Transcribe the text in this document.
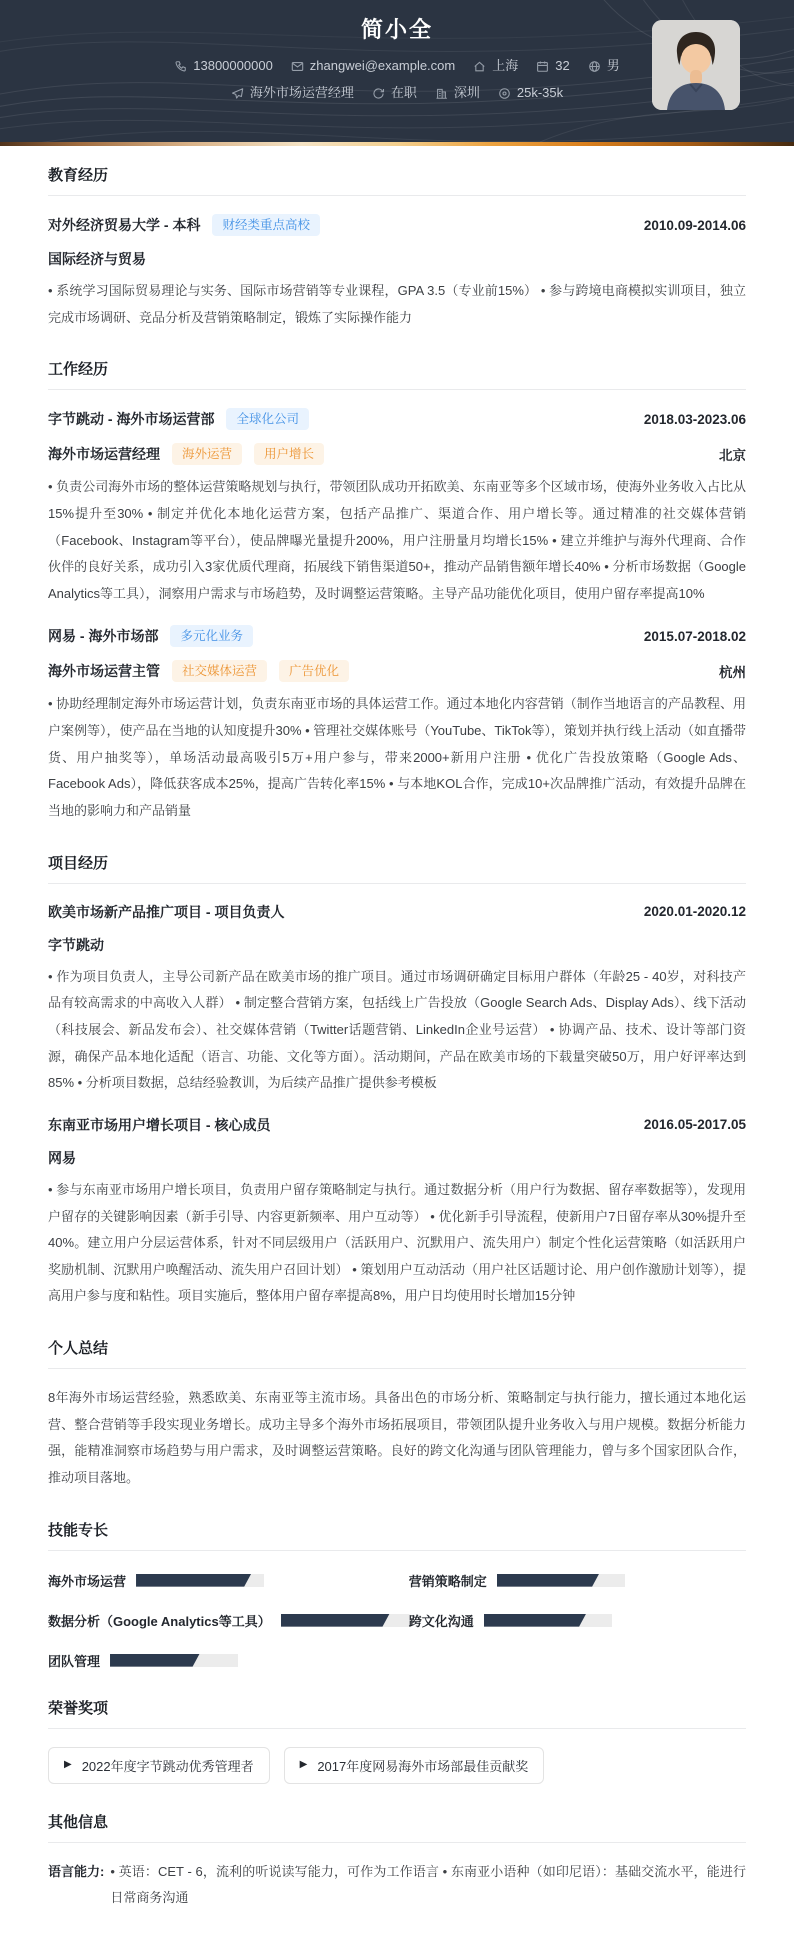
简小全
13800000000	zhangwei@example.com	上海	32	男
海外市场运营经理	在职	深圳	25k-35k
教育经历
对外经济贸易大学 - 本科	财经类重点高校	2010.09-2014.06
国际经济与贸易

• 系统学习国际贸易理论与实务、国际市场营销等专业课程，GPA 3.5（专业前15%） • 参与跨境电商模拟实训项目，独立完成市场调研、竞品分析及营销策略制定，锻炼了实际操作能力

工作经历
字节跳动 - 海外市场运营部	全球化公司	2018.03-2023.06
海外市场运营经理	海外运营	用户增长	北京

• 负责公司海外市场的整体运营策略规划与执行，带领团队成功开拓欧美、东南亚等多个区域市场，使海外业务收入占比从15%提升至30% • 制定并优化本地化运营方案，包括产品推广、渠道合作、用户增长等。通过精准的社交媒体营销（Facebook、Instagram等平台），使品牌曝光量提升200%，用户注册量月均增长15% • 建立并维护与海外代理商、合作伙伴的良好关系，成功引入3家优质代理商，拓展线下销售渠道50+，推动产品销售额年增长40% • 分析市场数据（Google Analytics等工具），洞察用户需求与市场趋势，及时调整运营策略。主导产品功能优化项目，使用户留存率提高10%

网易 - 海外市场部	多元化业务	2015.07-2018.02
海外市场运营主管	社交媒体运营	广告优化	杭州

• 协助经理制定海外市场运营计划，负责东南亚市场的具体运营工作。通过本地化内容营销（制作当地语言的产品教程、用户案例等），使产品在当地的认知度提升30% • 管理社交媒体账号（YouTube、TikTok等），策划并执行线上活动（如直播带货、用户抽奖等），单场活动最高吸引5万+用户参与，带来2000+新用户注册 • 优化广告投放策略（Google Ads、Facebook Ads），降低获客成本25%，提高广告转化率15% • 与本地KOL合作，完成10+次品牌推广活动，有效提升品牌在当地的影响力和产品销量

项目经历
欧美市场新产品推广项目 - 项目负责人	2020.01-2020.12
字节跳动

• 作为项目负责人，主导公司新产品在欧美市场的推广项目。通过市场调研确定目标用户群体（年龄25 - 40岁，对科技产品有较高需求的中高收入人群） • 制定整合营销方案，包括线上广告投放（Google Search Ads、Display Ads）、线下活动（科技展会、新品发布会）、社交媒体营销（Twitter话题营销、LinkedIn企业号运营） • 协调产品、技术、设计等部门资源，确保产品本地化适配（语言、功能、文化等方面）。活动期间，产品在欧美市场的下载量突破50万，用户好评率达到85% • 分析项目数据，总结经验教训，为后续产品推广提供参考模板

东南亚市场用户增长项目 - 核心成员	2016.05-2017.05
网易

• 参与东南亚市场用户增长项目，负责用户留存策略制定与执行。通过数据分析（用户行为数据、留存率数据等），发现用户留存的关键影响因素（新手引导、内容更新频率、用户互动等） • 优化新手引导流程，使新用户7日留存率从30%提升至40%。建立用户分层运营体系，针对不同层级用户（活跃用户、沉默用户、流失用户）制定个性化运营策略（如活跃用户奖励机制、沉默用户唤醒活动、流失用户召回计划） • 策划用户互动活动（用户社区话题讨论、用户创作激励计划等），提高用户参与度和粘性。项目实施后，整体用户留存率提高8%，用户日均使用时长增加15分钟

个人总结

8年海外市场运营经验，熟悉欧美、东南亚等主流市场。具备出色的市场分析、策略制定与执行能力，擅长通过本地化运营、整合营销等手段实现业务增长。成功主导多个海外市场拓展项目，带领团队提升业务收入与用户规模。数据分析能力强，能精准洞察市场趋势与用户需求，及时调整运营策略。良好的跨文化沟通与团队管理能力，曾与多个国家团队合作，推动项目落地。

技能专长
海外市场运营	营销策略制定
数据分析（Google Analytics等工具）	跨文化沟通
团队管理
荣誉奖项
▶ 2022年度字节跳动优秀管理者	▶ 2017年度网易海外市场部最佳贡献奖
其他信息
语言能力: • 英语：CET - 6，流利的听说读写能力，可作为工作语言 • 东南亚小语种（如印尼语）：基础交流水平，能进行日常商务沟通
